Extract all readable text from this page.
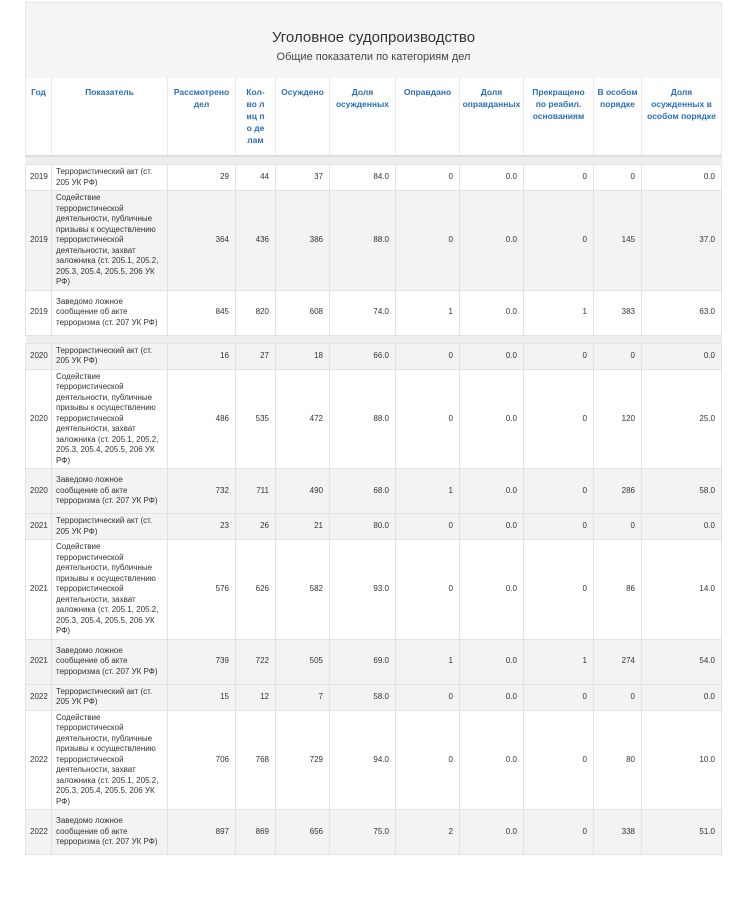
Уголовное судопроизводство
Общие показатели по категориям дел
Год	Показатель	Рассмотрено дел	Кол-во лиц по делам	Осуждено	Доля осужденных	Оправдано	Доля оправданных	Прекращено по реабил. основаниям	В особом порядке	Доля осужденных в особом порядке

2019	Террористический акт (ст. 205 УК РФ)	29	44	37	84.0	0	0.0	0	0	0.0
2019	Содействие террористической деятельности, публичные призывы к осуществлению террористической деятельности, захват заложника (ст. 205.1, 205.2, 205.3, 205.4, 205.5, 206 УК РФ)	364	436	386	88.0	0	0.0	0	145	37.0
2019	Заведомо ложное сообщение об акте терроризма (ст. 207 УК РФ)	845	820	608	74.0	1	0.0	1	383	63.0

2020	Террористический акт (ст. 205 УК РФ)	16	27	18	66.0	0	0.0	0	0	0.0
2020	Содействие террористической деятельности, публичные призывы к осуществлению террористической деятельности, захват заложника (ст. 205.1, 205.2, 205.3, 205.4, 205.5, 206 УК РФ)	486	535	472	88.0	0	0.0	0	120	25.0
2020	Заведомо ложное сообщение об акте терроризма (ст. 207 УК РФ)	732	711	490	68.0	1	0.0	0	286	58.0
2021	Террористический акт (ст. 205 УК РФ)	23	26	21	80.0	0	0.0	0	0	0.0
2021	Содействие террористической деятельности, публичные призывы к осуществлению террористической деятельности, захват заложника (ст. 205.1, 205.2, 205.3, 205.4, 205.5, 206 УК РФ)	576	626	582	93.0	0	0.0	0	86	14.0
2021	Заведомо ложное сообщение об акте терроризма (ст. 207 УК РФ)	739	722	505	69.0	1	0.0	1	274	54.0
2022	Террористический акт (ст. 205 УК РФ)	15	12	7	58.0	0	0.0	0	0	0.0
2022	Содействие террористической деятельности, публичные призывы к осуществлению террористической деятельности, захват заложника (ст. 205.1, 205.2, 205.3, 205.4, 205.5, 206 УК РФ)	706	768	729	94.0	0	0.0	0	80	10.0
2022	Заведомо ложное сообщение об акте терроризма (ст. 207 УК РФ)	897	869	656	75.0	2	0.0	0	338	51.0
